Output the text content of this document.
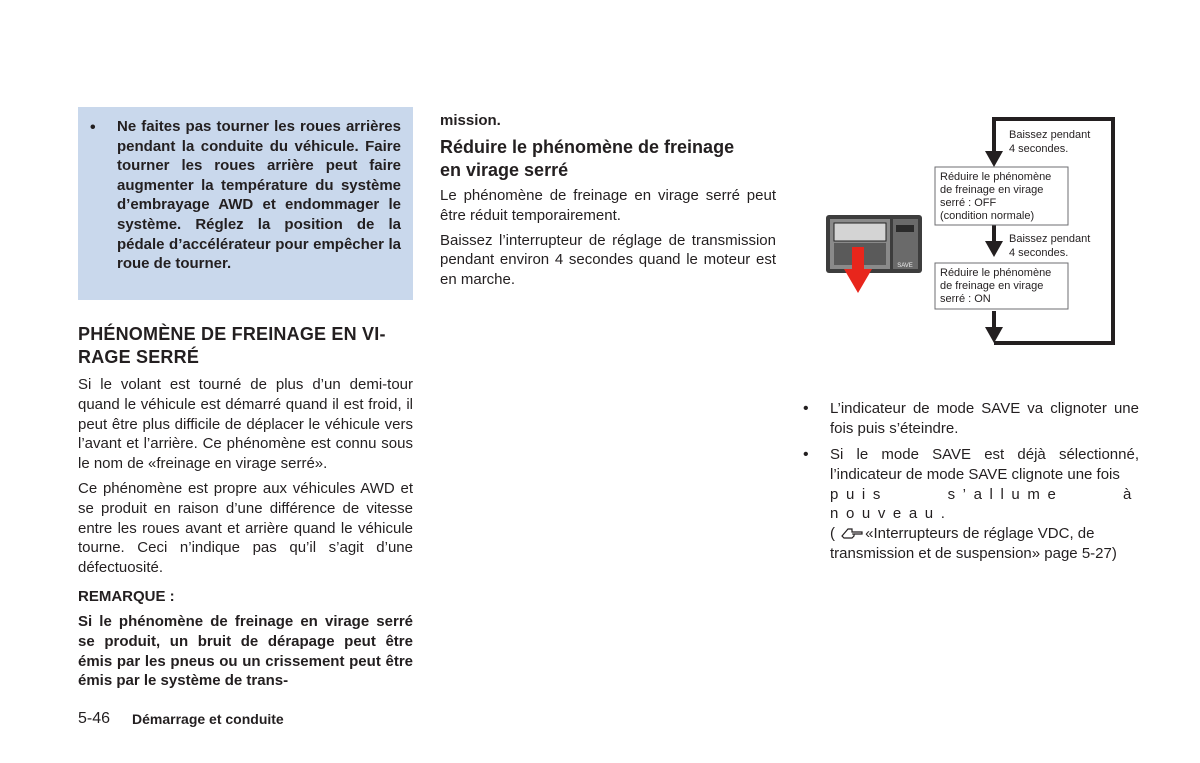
• Ne faites pas tourner les roues arrières pendant la conduite du véhicule. Faire tourner les roues arrière peut faire augmenter la température du système d’embrayage AWD et endommager le système. Réglez la position de la pédale d’accélérateur pour empêcher la roue de tourner.

PHÉNOMÈNE DE FREINAGE EN VI-
RAGE SERRÉ

Si le volant est tourné de plus d’un demi-tour quand le véhicule est démarré quand il est froid, il peut être plus difficile de déplacer le véhicule vers l’avant et l’arrière. Ce phénomène est connu sous le nom de «freinage en virage serré».

Ce phénomène est propre aux véhicules AWD et se produit en raison d’une différence de vitesse entre les roues avant et arrière quand le véhicule tourne. Ceci n’indique pas qu’il s’agit d’une défectuosité.

REMARQUE :

Si le phénomène de freinage en virage serré se produit, un bruit de dérapage peut être émis par les pneus ou un crissement peut être émis par le système de trans-

mission.

Réduire le phénomène de freinage
en virage serré

Le phénomène de freinage en virage serré peut être réduit temporairement.

Baissez l’interrupteur de réglage de transmission pendant environ 4 secondes quand le moteur est en marche.

Baissez pendant
4 secondes.
Réduire le phénomène
de freinage en virage
serré : OFF
(condition normale)
Baissez pendant
4 secondes.
Réduire le phénomène
de freinage en virage
serré : ON
SAVE
• L’indicateur de mode SAVE va clignoter une fois puis s’éteindre.

• Si le mode SAVE est déjà sélectionné, l’indicateur de mode SAVE clignote une fois

puis s’allume à nouveau.

( «Interrupteurs de réglage VDC, de transmission et de suspension» page 5-27)

5-46 Démarrage et conduite
